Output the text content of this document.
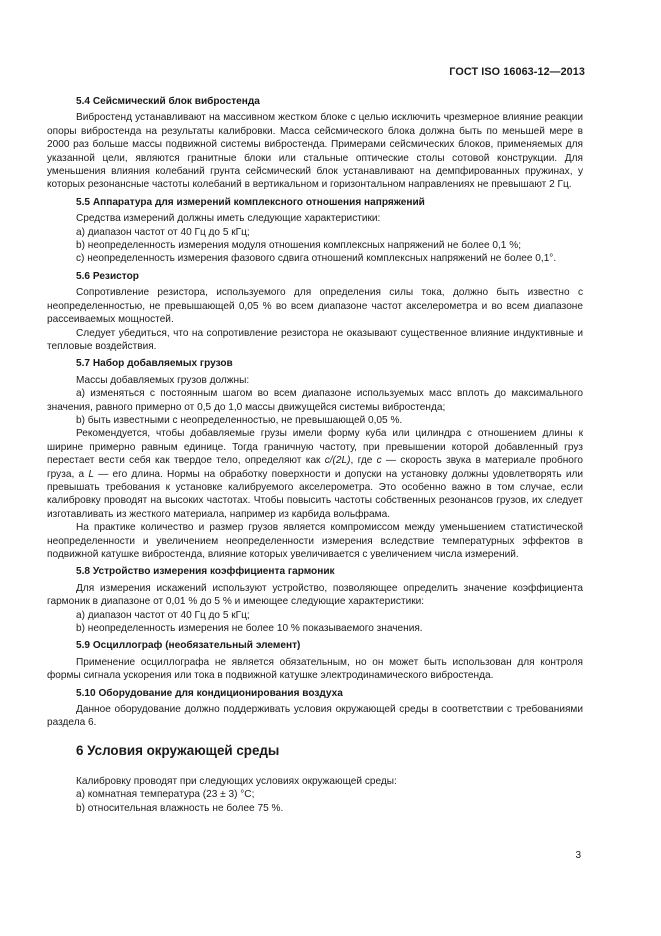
ГОСТ ISO 16063-12—2013
5.4 Сейсмический блок вибростенда

Вибростенд устанавливают на массивном жестком блоке с целью исключить чрезмерное влияние реакции опоры вибростенда на результаты калибровки. Масса сейсмического блока должна быть по меньшей мере в 2000 раз больше массы подвижной системы вибростенда. Примерами сейсмических блоков, применяемых для указанной цели, являются гранитные блоки или стальные оптические столы сотовой конструкции. Для уменьшения влияния колебаний грунта сейсмический блок устанавливают на демпфированных пружинах, у которых резонансные частоты колебаний в вертикальном и горизонтальном направлениях не превышают 2 Гц.

5.5 Аппаратура для измерений комплексного отношения напряжений

Средства измерений должны иметь следующие характеристики:

a) диапазон частот от 40 Гц до 5 кГц;

b) неопределенность измерения модуля отношения комплексных напряжений не более 0,1 %;

c) неопределенность измерения фазового сдвига отношений комплексных напряжений не более 0,1°.

5.6 Резистор

Сопротивление резистора, используемого для определения силы тока, должно быть известно с неопределенностью, не превышающей 0,05 % во всем диапазоне частот акселерометра и во всем диапазоне рассеиваемых мощностей.

Следует убедиться, что на сопротивление резистора не оказывают существенное влияние индуктивные и тепловые воздействия.

5.7 Набор добавляемых грузов

Массы добавляемых грузов должны:

a) изменяться с постоянным шагом во всем диапазоне используемых масс вплоть до максимального значения, равного примерно от 0,5 до 1,0 массы движущейся системы вибростенда;

b) быть известными с неопределенностью, не превышающей 0,05 %.

Рекомендуется, чтобы добавляемые грузы имели форму куба или цилиндра с отношением длины к ширине примерно равным единице. Тогда граничную частоту, при превышении которой добавленный груз перестает вести себя как твердое тело, определяют как c/(2L), где c — скорость звука в материале пробного груза, а L — его длина. Нормы на обработку поверхности и допуски на установку должны удовлетворять или превышать требования к установке калибруемого акселерометра. Это особенно важно в том случае, если калибровку проводят на высоких частотах. Чтобы повысить частоты собственных резонансов грузов, их следует изготавливать из жесткого материала, например из карбида вольфрама.

На практике количество и размер грузов является компромиссом между уменьшением статистической неопределенности и увеличением неопределенности измерения вследствие температурных эффектов в подвижной катушке вибростенда, влияние которых увеличивается с увеличением числа измерений.

5.8 Устройство измерения коэффициента гармоник

Для измерения искажений используют устройство, позволяющее определить значение коэффициента гармоник в диапазоне от 0,01 % до 5 % и имеющее следующие характеристики:

a) диапазон частот от 40 Гц до 5 кГц;

b) неопределенность измерения не более 10 % показываемого значения.

5.9 Осциллограф (необязательный элемент)

Применение осциллографа не является обязательным, но он может быть использован для контроля формы сигнала ускорения или тока в подвижной катушке электродинамического вибростенда.

5.10 Оборудование для кондиционирования воздуха

Данное оборудование должно поддерживать условия окружающей среды в соответствии с требованиями раздела 6.

6 Условия окружающей среды

Калибровку проводят при следующих условиях окружающей среды:

a) комнатная температура (23 ± 3) °C;

b) относительная влажность не более 75 %.

3
